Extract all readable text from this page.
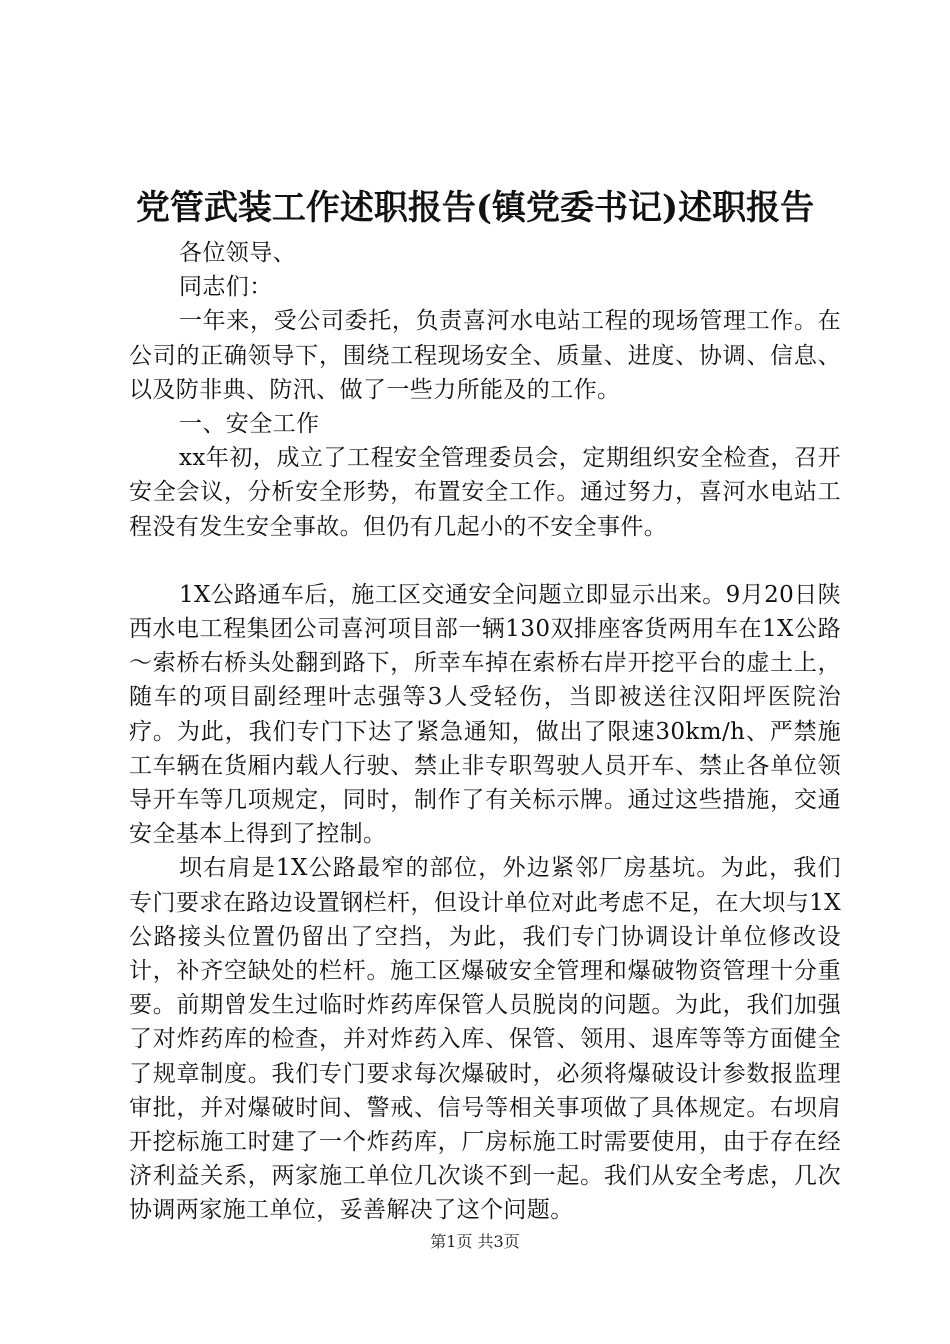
党管武装工作述职报告(镇党委书记)述职报告

各位领导、

同志们：

一年来，受公司委托，负责喜河水电站工程的现场管理工作。在公司的正确领导下，围绕工程现场安全、质量、进度、协调、信息、以及防非典、防汛、做了一些力所能及的工作。

一、安全工作

xx年初，成立了工程安全管理委员会，定期组织安全检查，召开安全会议，分析安全形势，布置安全工作。通过努力，喜河水电站工程没有发生安全事故。但仍有几起小的不安全事件。

1X公路通车后，施工区交通安全问题立即显示出来。9月20日陕西水电工程集团公司喜河项目部一辆130双排座客货两用车在1X公路～索桥右桥头处翻到路下，所幸车掉在索桥右岸开挖平台的虚土上，随车的项目副经理叶志强等3人受轻伤，当即被送往汉阳坪医院治疗。为此，我们专门下达了紧急通知，做出了限速30km/h、严禁施工车辆在货厢内载人行驶、禁止非专职驾驶人员开车、禁止各单位领导开车等几项规定，同时，制作了有关标示牌。通过这些措施，交通安全基本上得到了控制。

坝右肩是1X公路最窄的部位，外边紧邻厂房基坑。为此，我们专门要求在路边设置钢栏杆，但设计单位对此考虑不足，在大坝与1X公路接头位置仍留出了空挡，为此，我们专门协调设计单位修改设计，补齐空缺处的栏杆。施工区爆破安全管理和爆破物资管理十分重要。前期曾发生过临时炸药库保管人员脱岗的问题。为此，我们加强了对炸药库的检查，并对炸药入库、保管、领用、退库等等方面健全了规章制度。我们专门要求每次爆破时，必须将爆破设计参数报监理审批，并对爆破时间、警戒、信号等相关事项做了具体规定。右坝肩开挖标施工时建了一个炸药库，厂房标施工时需要使用，由于存在经济利益关系，两家施工单位几次谈不到一起。我们从安全考虑，几次协调两家施工单位，妥善解决了这个问题。

第1页 共3页
